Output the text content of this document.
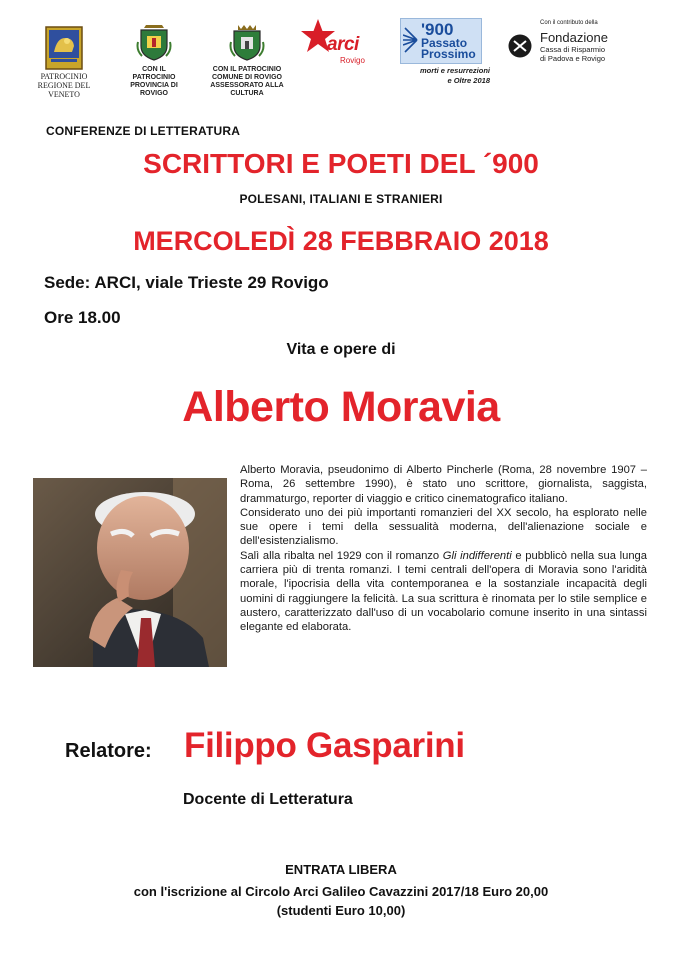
PATROCINIO
REGIONE DEL VENETO
CON IL PATROCINIO
PROVINCIA DI ROVIGO
CON IL PATROCINIO
COMUNE DI ROVIGO
ASSESSORATO ALLA CULTURA
arci
Rovigo
'900
Passato
Prossimo
morti e resurrezioni
e Oltre 2018
Con il contributo della
Fondazione
Cassa di Risparmio
di Padova e Rovigo
CONFERENZE DI LETTERATURA
SCRITTORI E POETI DEL ´900
POLESANI, ITALIANI E STRANIERI
MERCOLEDÌ 28 FEBBRAIO 2018
Sede: ARCI, viale Trieste 29 Rovigo
Ore 18.00
Vita e opere di
Alberto Moravia

Alberto Moravia, pseudonimo di Alberto Pincherle (Roma, 28 novembre 1907 – Roma, 26 settembre 1990), è stato uno scrittore, giornalista, saggista, drammaturgo, reporter di viaggio e critico cinematografico italiano.

Considerato uno dei più importanti romanzieri del XX secolo, ha esplorato nelle sue opere i temi della sessualità moderna, dell'alienazione sociale e dell'esistenzialismo.

Salì alla ribalta nel 1929 con il romanzo Gli indifferenti e pubblicò nella sua lunga carriera più di trenta romanzi. I temi centrali dell'opera di Moravia sono l'aridità morale, l'ipocrisia della vita contemporanea e la sostanziale incapacità degli uomini di raggiungere la felicità. La sua scrittura è rinomata per lo stile semplice e austero, caratterizzato dall'uso di un vocabolario comune inserito in una sintassi elegante ed elaborata.

Relatore: Filippo Gasparini
Docente di Letteratura
ENTRATA LIBERA
con l'iscrizione al Circolo Arci Galileo Cavazzini 2017/18 Euro 20,00
(studenti Euro 10,00)
